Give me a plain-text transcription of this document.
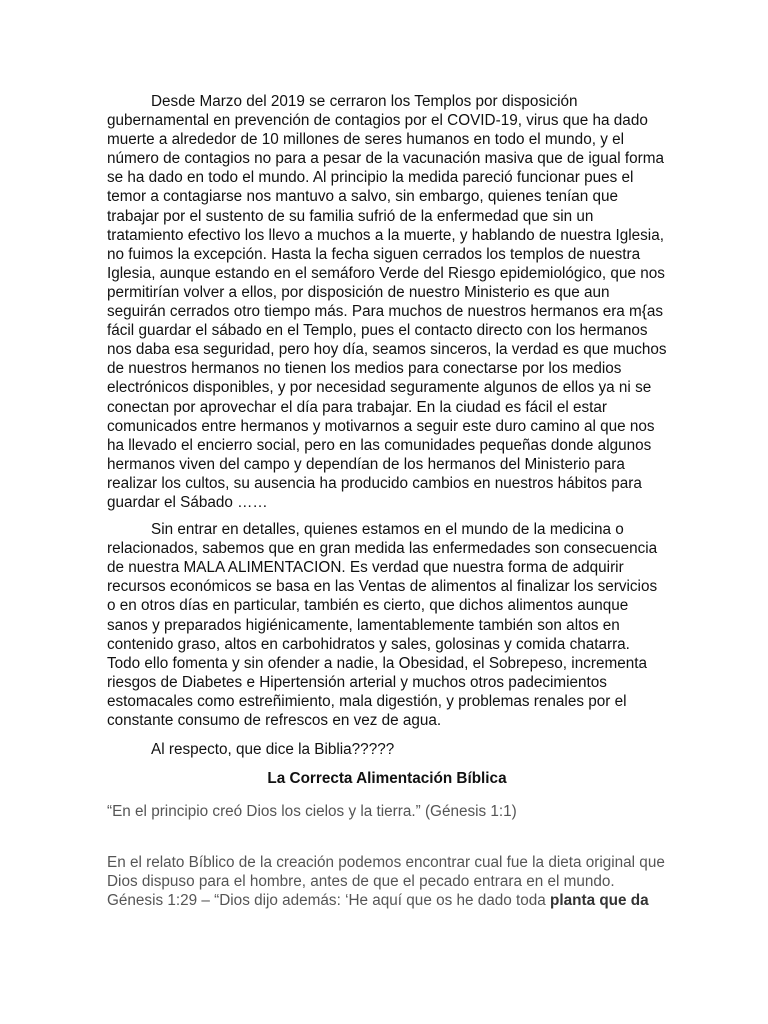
Desde Marzo del 2019 se cerraron los Templos por disposición gubernamental en prevención de contagios por el COVID-19, virus que ha dado muerte a alrededor de 10 millones de seres humanos en todo el mundo, y el número de contagios no para a pesar de la vacunación masiva que de igual forma se ha dado en todo el mundo. Al principio la medida pareció funcionar pues el temor a contagiarse nos mantuvo a salvo, sin embargo, quienes tenían que trabajar por el sustento de su familia sufrió de la enfermedad que sin un tratamiento efectivo los llevo a muchos a la muerte, y hablando de nuestra Iglesia, no fuimos la excepción. Hasta la fecha siguen cerrados los templos de nuestra Iglesia, aunque estando en el semáforo Verde del Riesgo epidemiológico, que nos permitirían volver a ellos, por disposición de nuestro Ministerio es que aun seguirán cerrados otro tiempo más. Para muchos de nuestros hermanos era m{as fácil guardar el sábado en el Templo, pues el contacto directo con los hermanos nos daba esa seguridad, pero hoy día, seamos sinceros, la verdad es que muchos de nuestros hermanos no tienen los medios para conectarse por los medios electrónicos disponibles, y por necesidad seguramente algunos de ellos ya ni se conectan por aprovechar el día para trabajar. En la ciudad es fácil el estar comunicados entre hermanos y motivarnos a seguir este duro camino al que nos ha llevado el encierro social, pero en las comunidades pequeñas donde algunos hermanos viven del campo y dependían de los hermanos del Ministerio para realizar los cultos, su ausencia ha producido cambios en nuestros hábitos para guardar el Sábado ……

Sin entrar en detalles, quienes estamos en el mundo de la medicina o relacionados, sabemos que en gran medida las enfermedades son consecuencia de nuestra MALA ALIMENTACION. Es verdad que nuestra forma de adquirir recursos económicos se basa en las Ventas de alimentos al finalizar los servicios o en otros días en particular, también es cierto, que dichos alimentos aunque sanos y preparados higiénicamente, lamentablemente también son altos en contenido graso, altos en carbohidratos y sales, golosinas y comida chatarra. Todo ello fomenta y sin ofender a nadie, la Obesidad, el Sobrepeso, incrementa riesgos de Diabetes e Hipertensión arterial y muchos otros padecimientos estomacales como estreñimiento, mala digestión, y problemas renales por el constante consumo de refrescos en vez de agua.

Al respecto, que dice la Biblia?????

La Correcta Alimentación Bíblica

“En el principio creó Dios los cielos y la tierra.” (Génesis 1:1)

En el relato Bíblico de la creación podemos encontrar cual fue la dieta original que Dios dispuso para el hombre, antes de que el pecado entrara en el mundo. Génesis 1:29 – “Dios dijo además: ‘He aquí que os he dado toda planta que da
